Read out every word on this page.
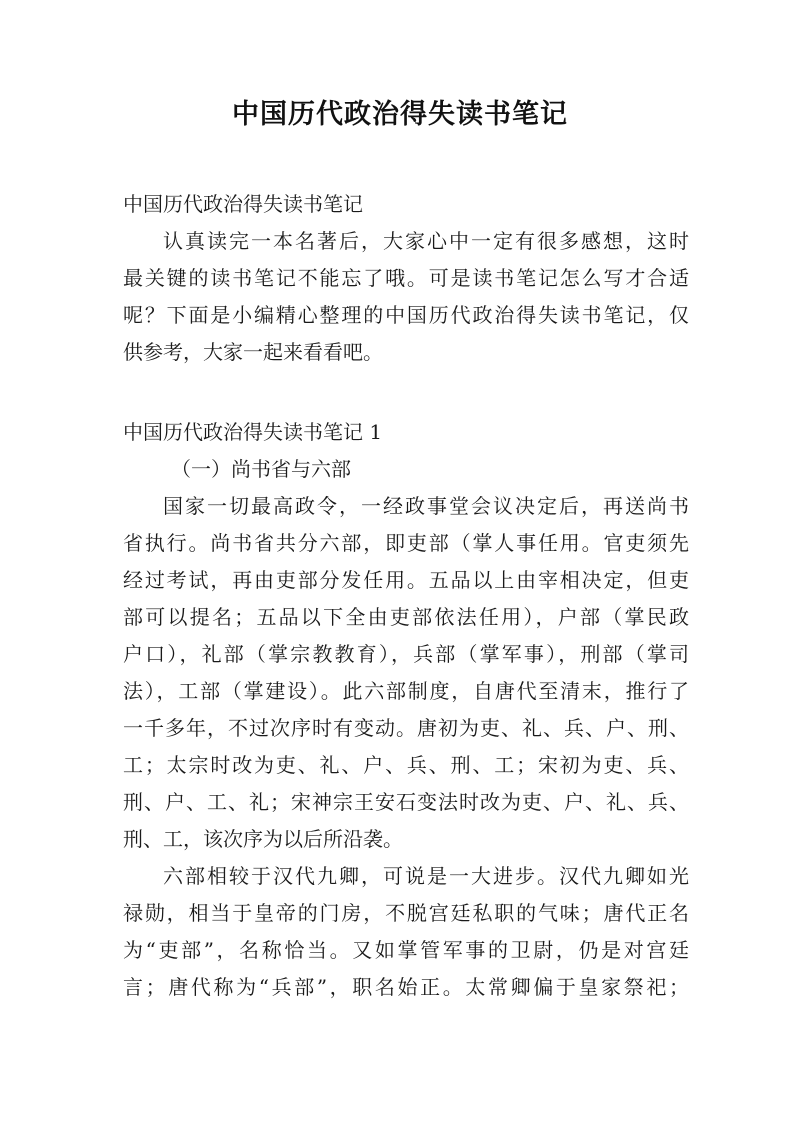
中国历代政治得失读书笔记
中国历代政治得失读书笔记
认真读完一本名著后，大家心中一定有很多感想，这时
最关键的读书笔记不能忘了哦。可是读书笔记怎么写才合适
呢？下面是小编精心整理的中国历代政治得失读书笔记，仅
供参考，大家一起来看看吧。
中国历代政治得失读书笔记 1
（一）尚书省与六部
国家一切最高政令，一经政事堂会议决定后，再送尚书
省执行。尚书省共分六部，即吏部（掌人事任用。官吏须先
经过考试，再由吏部分发任用。五品以上由宰相决定，但吏
部可以提名；五品以下全由吏部依法任用），户部（掌民政
户口），礼部（掌宗教教育），兵部（掌军事），刑部（掌司
法），工部（掌建设）。此六部制度，自唐代至清末，推行了
一千多年，不过次序时有变动。唐初为吏、礼、兵、户、刑、
工；太宗时改为吏、礼、户、兵、刑、工；宋初为吏、兵、
刑、户、工、礼；宋神宗王安石变法时改为吏、户、礼、兵、
刑、工，该次序为以后所沿袭。
六部相较于汉代九卿，可说是一大进步。汉代九卿如光
禄勋，相当于皇帝的门房，不脱宫廷私职的气味；唐代正名
为“吏部”，名称恰当。又如掌管军事的卫尉，仍是对宫廷
言；唐代称为“兵部”，职名始正。太常卿偏于皇家祭祀；
